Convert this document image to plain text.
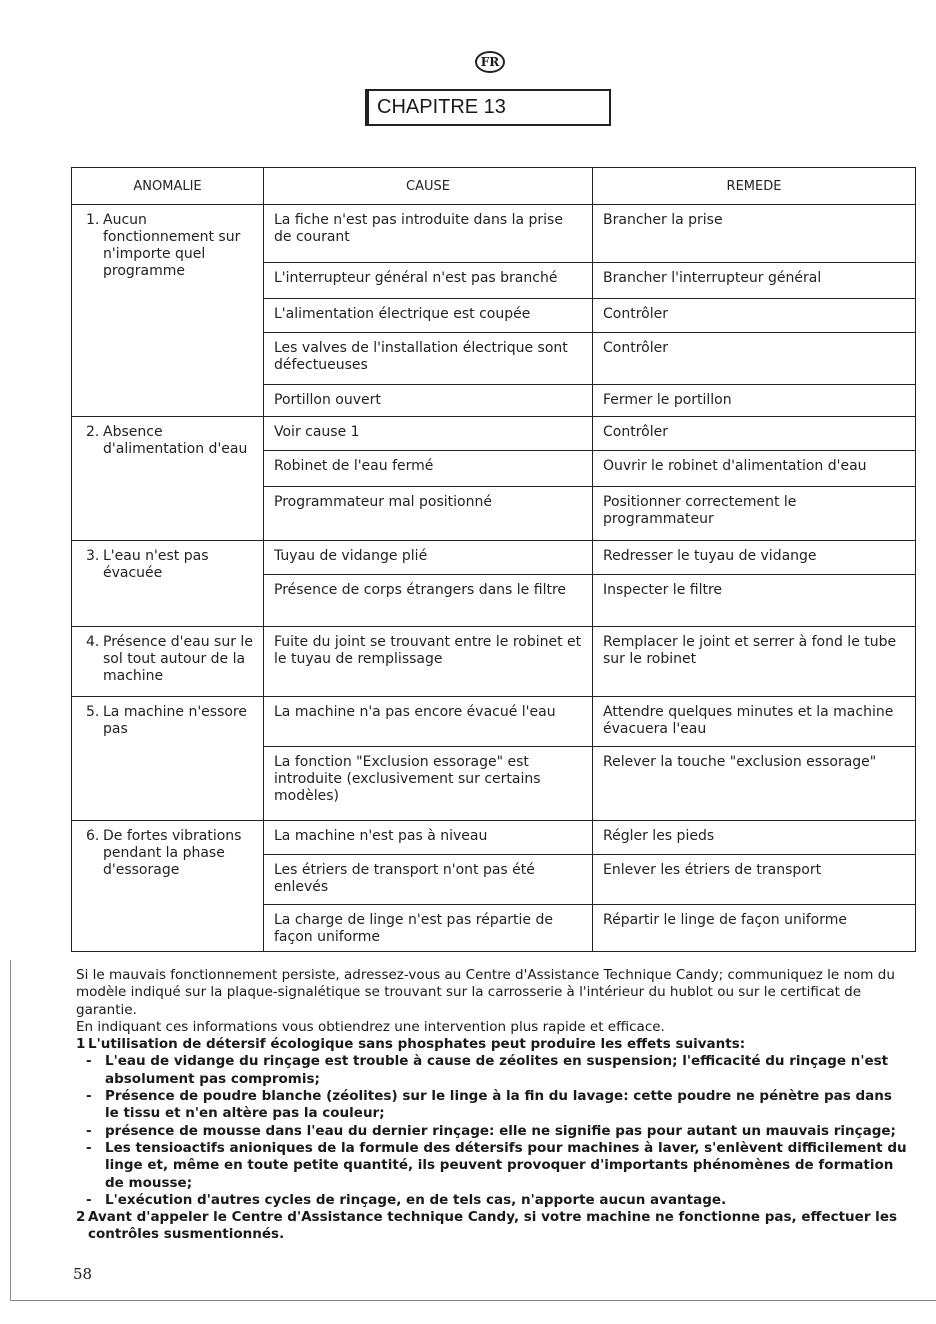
FR
CHAPITRE 13
ANOMALIE	CAUSE	REMEDE

1. Aucun fonctionnement sur n'importe quel programme	La fiche n'est pas introduite dans la prise de courant	Brancher la prise
	L'interrupteur général n'est pas branché	Brancher l'interrupteur général
	L'alimentation électrique est coupée	Contrôler
	Les valves de l'installation électrique sont défectueuses	Contrôler
	Portillon ouvert	Fermer le portillon

2. Absence d'alimentation d'eau	Voir cause 1	Contrôler
	Robinet de l'eau fermé	Ouvrir le robinet d'alimentation d'eau
	Programmateur mal positionné	Positionner correctement le programmateur

3. L'eau n'est pas évacuée	Tuyau de vidange plié	Redresser le tuyau de vidange
	Présence de corps étrangers dans le filtre	Inspecter le filtre

4. Présence d'eau sur le sol tout autour de la machine	Fuite du joint se trouvant entre le robinet et le tuyau de remplissage	Remplacer le joint et serrer à fond le tube sur le robinet

5. La machine n'essore pas	La machine n'a pas encore évacué l'eau	Attendre quelques minutes et la machine évacuera l'eau
	La fonction "Exclusion essorage" est introduite (exclusivement sur certains modèles)	Relever la touche "exclusion essorage"

6. De fortes vibrations pendant la phase d'essorage	La machine n'est pas à niveau	Régler les pieds
	Les étriers de transport n'ont pas été enlevés	Enlever les étriers de transport
	La charge de linge n'est pas répartie de façon uniforme	Répartir le linge de façon uniforme

Si le mauvais fonctionnement persiste, adressez-vous au Centre d'Assistance Technique Candy; communiquez le nom du modèle indiqué sur la plaque-signalétique se trouvant sur la carrosserie à l'intérieur du hublot ou sur le certificat de garantie.

En indiquant ces informations vous obtiendrez une intervention plus rapide et efficace.

1 L'utilisation de détersif écologique sans phosphates peut produire les effets suivants:
- L'eau de vidange du rinçage est trouble à cause de zéolites en suspension; l'efficacité du rinçage n'est absolument pas compromis;
- Présence de poudre blanche (zéolites) sur le linge à la fin du lavage: cette poudre ne pénètre pas dans le tissu et n'en altère pas la couleur;
- présence de mousse dans l'eau du dernier rinçage: elle ne signifie pas pour autant un mauvais rinçage;
- Les tensioactifs anioniques de la formule des détersifs pour machines à laver, s'enlèvent difficilement du linge et, même en toute petite quantité, ils peuvent provoquer d'importants phénomènes de formation de mousse;
- L'exécution d'autres cycles de rinçage, en de tels cas, n'apporte aucun avantage.
2 Avant d'appeler le Centre d'Assistance technique Candy, si votre machine ne fonctionne pas, effectuer les contrôles susmentionnés.
58
